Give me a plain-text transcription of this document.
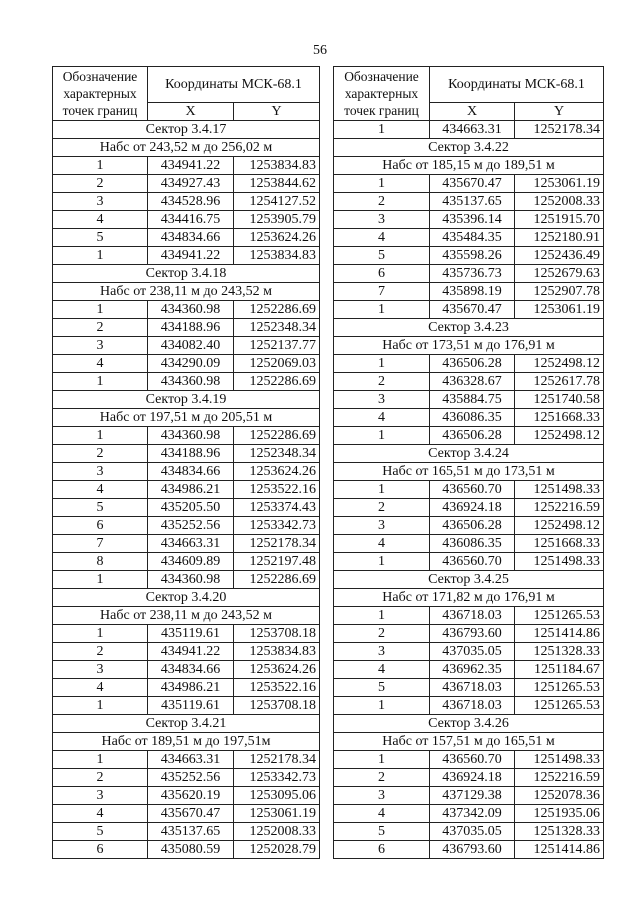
56
Обозначение характерных точек границ	Координаты МСК-68.1	
	X	Y
Сектор 3.4.17		
Набс от 243,52 м до 256,02 м		
1	434941.22	1253834.83
2	434927.43	1253844.62
3	434528.96	1254127.52
4	434416.75	1253905.79
5	434834.66	1253624.26
1	434941.22	1253834.83
Сектор 3.4.18		
Набс от 238,11 м до 243,52 м		
1	434360.98	1252286.69
2	434188.96	1252348.34
3	434082.40	1252137.77
4	434290.09	1252069.03
1	434360.98	1252286.69
Сектор 3.4.19		
Набс от 197,51 м до 205,51 м		
1	434360.98	1252286.69
2	434188.96	1252348.34
3	434834.66	1253624.26
4	434986.21	1253522.16
5	435205.50	1253374.43
6	435252.56	1253342.73
7	434663.31	1252178.34
8	434609.89	1252197.48
1	434360.98	1252286.69
Сектор 3.4.20		
Набс от 238,11 м до 243,52 м		
1	435119.61	1253708.18
2	434941.22	1253834.83
3	434834.66	1253624.26
4	434986.21	1253522.16
1	435119.61	1253708.18
Сектор 3.4.21		
Набс от 189,51 м до 197,51м		
1	434663.31	1252178.34
2	435252.56	1253342.73
3	435620.19	1253095.06
4	435670.47	1253061.19
5	435137.65	1252008.33
6	435080.59	1252028.79
Обозначение характерных точек границ	Координаты МСК-68.1	
	X	Y
1	434663.31	1252178.34
Сектор 3.4.22		
Набс от 185,15 м до 189,51 м		
1	435670.47	1253061.19
2	435137.65	1252008.33
3	435396.14	1251915.70
4	435484.35	1252180.91
5	435598.26	1252436.49
6	435736.73	1252679.63
7	435898.19	1252907.78
1	435670.47	1253061.19
Сектор 3.4.23		
Набс от 173,51 м до 176,91 м		
1	436506.28	1252498.12
2	436328.67	1252617.78
3	435884.75	1251740.58
4	436086.35	1251668.33
1	436506.28	1252498.12
Сектор 3.4.24		
Набс от 165,51 м до 173,51 м		
1	436560.70	1251498.33
2	436924.18	1252216.59
3	436506.28	1252498.12
4	436086.35	1251668.33
1	436560.70	1251498.33
Сектор 3.4.25		
Набс от 171,82 м до 176,91 м		
1	436718.03	1251265.53
2	436793.60	1251414.86
3	437035.05	1251328.33
4	436962.35	1251184.67
5	436718.03	1251265.53
1	436718.03	1251265.53
Сектор 3.4.26		
Набс от 157,51 м до 165,51 м		
1	436560.70	1251498.33
2	436924.18	1252216.59
3	437129.38	1252078.36
4	437342.09	1251935.06
5	437035.05	1251328.33
6	436793.60	1251414.86
